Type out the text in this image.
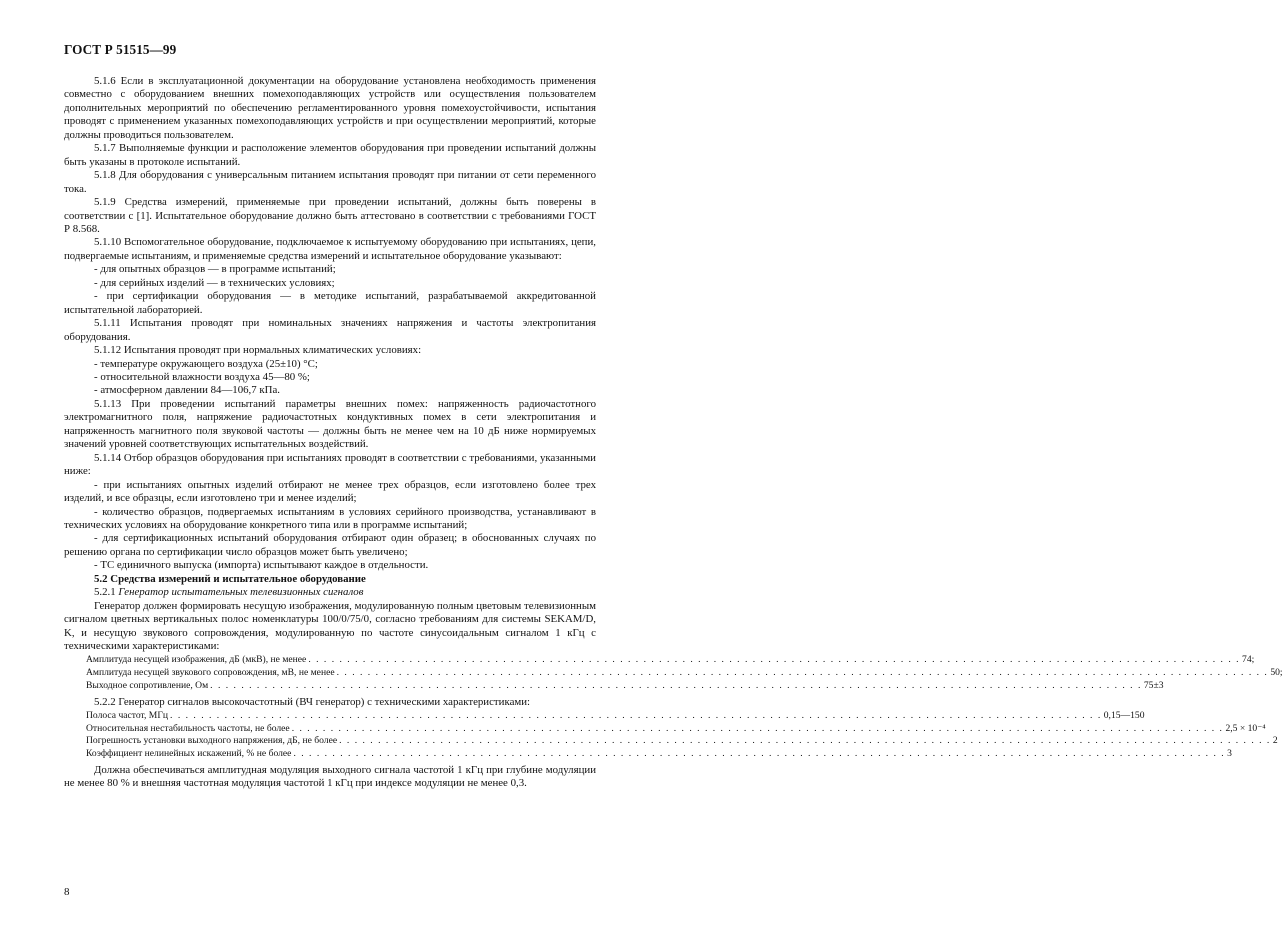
ГОСТ Р 51515—99
5.1.6 Если в эксплуатационной документации на оборудование установлена необходимость применения совместно с оборудованием внешних помехоподавляющих устройств или осуществления пользователем дополнительных мероприятий по обеспечению регламентированного уровня помехоустойчивости, испытания проводят с применением указанных помехоподавляющих устройств и при осуществлении мероприятий, которые должны проводиться пользователем.
5.1.7 Выполняемые функции и расположение элементов оборудования при проведении испытаний должны быть указаны в протоколе испытаний.
5.1.8 Для оборудования с универсальным питанием испытания проводят при питании от сети переменного тока.
5.1.9 Средства измерений, применяемые при проведении испытаний, должны быть поверены в соответствии с [1]. Испытательное оборудование должно быть аттестовано в соответствии с требованиями ГОСТ Р 8.568.
5.1.10 Вспомогательное оборудование, подключаемое к испытуемому оборудованию при испытаниях, цепи, подвергаемые испытаниям, и применяемые средства измерений и испытательное оборудование указывают:
- для опытных образцов — в программе испытаний;
- для серийных изделий — в технических условиях;
- при сертификации оборудования — в методике испытаний, разрабатываемой аккредитованной испытательной лабораторией.
5.1.11 Испытания проводят при номинальных значениях напряжения и частоты электропитания оборудования.
5.1.12 Испытания проводят при нормальных климатических условиях:
- температуре окружающего воздуха (25±10) °С;
- относительной влажности воздуха 45—80 %;
- атмосферном давлении 84—106,7 кПа.
5.1.13 При проведении испытаний параметры внешних помех: напряженность радиочастотного электромагнитного поля, напряжение радиочастотных кондуктивных помех в сети электропитания и напряженность магнитного поля звуковой частоты — должны быть не менее чем на 10 дБ ниже нормируемых значений уровней соответствующих испытательных воздействий.
5.1.14 Отбор образцов оборудования при испытаниях проводят в соответствии с требованиями, указанными ниже:
- при испытаниях опытных изделий отбирают не менее трех образцов, если изготовлено более трех изделий, и все образцы, если изготовлено три и менее изделий;
- количество образцов, подвергаемых испытаниям в условиях серийного производства, устанавливают в технических условиях на оборудование конкретного типа или в программе испытаний;
- для сертификационных испытаний оборудования отбирают один образец; в обоснованных случаях по решению органа по сертификации число образцов может быть увеличено;
- ТС единичного выпуска (импорта) испытывают каждое в отдельности.
5.2 Средства измерений и испытательное оборудование
5.2.1 Генератор испытательных телевизионных сигналов
Генератор должен формировать несущую изображения, модулированную полным цветовым телевизионным сигналом цветных вертикальных полос номенклатуры 100/0/75/0, согласно требованиям для системы SEKAM/D, K, и несущую звукового сопровождения, модулированную по частоте синусоидальным сигналом 1 кГц с техническими характеристиками:
Амплитуда несущей изображения, дБ (мкВ), не менее . . . . . . . . . . . . . . . . . . . . . . . . . . . . . . . . . . . . . . . . . . . . . . . . . . . . . . . . . . . . . . . . . . . . . . . . . . . . . . . . . . . . . . . . . . . . . . . . . . . . . . . . . . . . . . . . . . . . . . . . 74;
Амплитуда несущей звукового сопровождения, мВ, не менее . . . . . . . . . . . . . . . . . . . . . . . . . . . . . . . . . . . . . . . . . . . . . . . . . . . . . . . . . . . . . . . . . . . . . . . . . . . . . . . . . . . . . . . . . . . . . . . . . . . . . . . . . . . . . . . . . . . . . . . . 50;
Выходное сопротивление, Ом . . . . . . . . . . . . . . . . . . . . . . . . . . . . . . . . . . . . . . . . . . . . . . . . . . . . . . . . . . . . . . . . . . . . . . . . . . . . . . . . . . . . . . . . . . . . . . . . . . . . . . . . . . . . . . . . . . . . . . . . 75±3
5.2.2 Генератор сигналов высокочастотный (ВЧ генератор) с техническими характеристиками:
Полоса частот, МГц . . . . . . . . . . . . . . . . . . . . . . . . . . . . . . . . . . . . . . . . . . . . . . . . . . . . . . . . . . . . . . . . . . . . . . . . . . . . . . . . . . . . . . . . . . . . . . . . . . . . . . . . . . . . . . . . . . . . . . . . 0,15—150
Относительная нестабильность частоты, не более . . . . . . . . . . . . . . . . . . . . . . . . . . . . . . . . . . . . . . . . . . . . . . . . . . . . . . . . . . . . . . . . . . . . . . . . . . . . . . . . . . . . . . . . . . . . . . . . . . . . . . . . . . . . . . . . . . . . . . . . 2,5 × 10⁻⁴
Погрешность установки выходного напряжения, дБ, не более . . . . . . . . . . . . . . . . . . . . . . . . . . . . . . . . . . . . . . . . . . . . . . . . . . . . . . . . . . . . . . . . . . . . . . . . . . . . . . . . . . . . . . . . . . . . . . . . . . . . . . . . . . . . . . . . . . . . . . . . 2
Коэффициент нелинейных искажений, % не более . . . . . . . . . . . . . . . . . . . . . . . . . . . . . . . . . . . . . . . . . . . . . . . . . . . . . . . . . . . . . . . . . . . . . . . . . . . . . . . . . . . . . . . . . . . . . . . . . . . . . . . . . . . . . . . . . . . . . . . . 3
Должна обеспечиваться амплитудная модуляция выходного сигнала частотой 1 кГц при глубине модуляции не менее 80 % и внешняя частотная модуляция частотой 1 кГц при индексе модуляции не менее 0,3.
8
